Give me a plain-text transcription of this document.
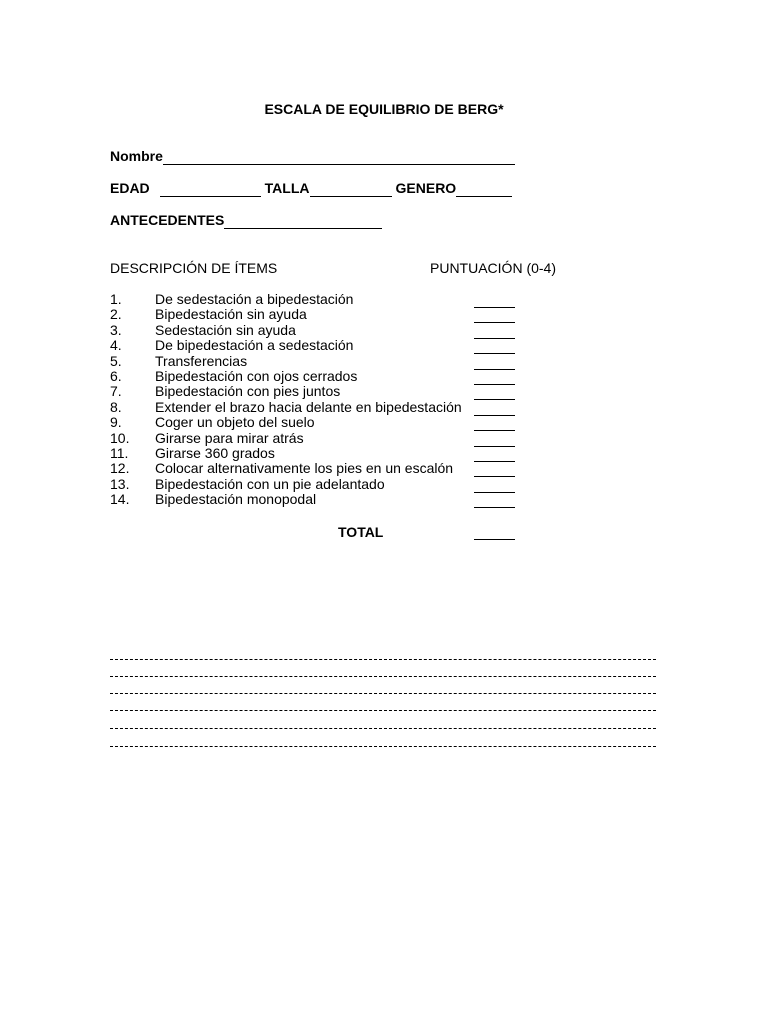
ESCALA DE EQUILIBRIO DE BERG*
Nombre
EDAD	TALLA	GENERO
ANTECEDENTES
DESCRIPCIÓN DE ÍTEMS	PUNTUACIÓN (0-4)
1. De sedestación a bipedestación
2. Bipedestación sin ayuda
3. Sedestación sin ayuda
4. De bipedestación a sedestación
5. Transferencias
6. Bipedestación con ojos cerrados
7. Bipedestación con pies juntos
8. Extender el brazo hacia delante en bipedestación
9. Coger un objeto del suelo
10. Girarse para mirar atrás
11. Girarse 360 grados
12. Colocar alternativamente los pies en un escalón
13. Bipedestación con un pie adelantado
14. Bipedestación monopodal
TOTAL
